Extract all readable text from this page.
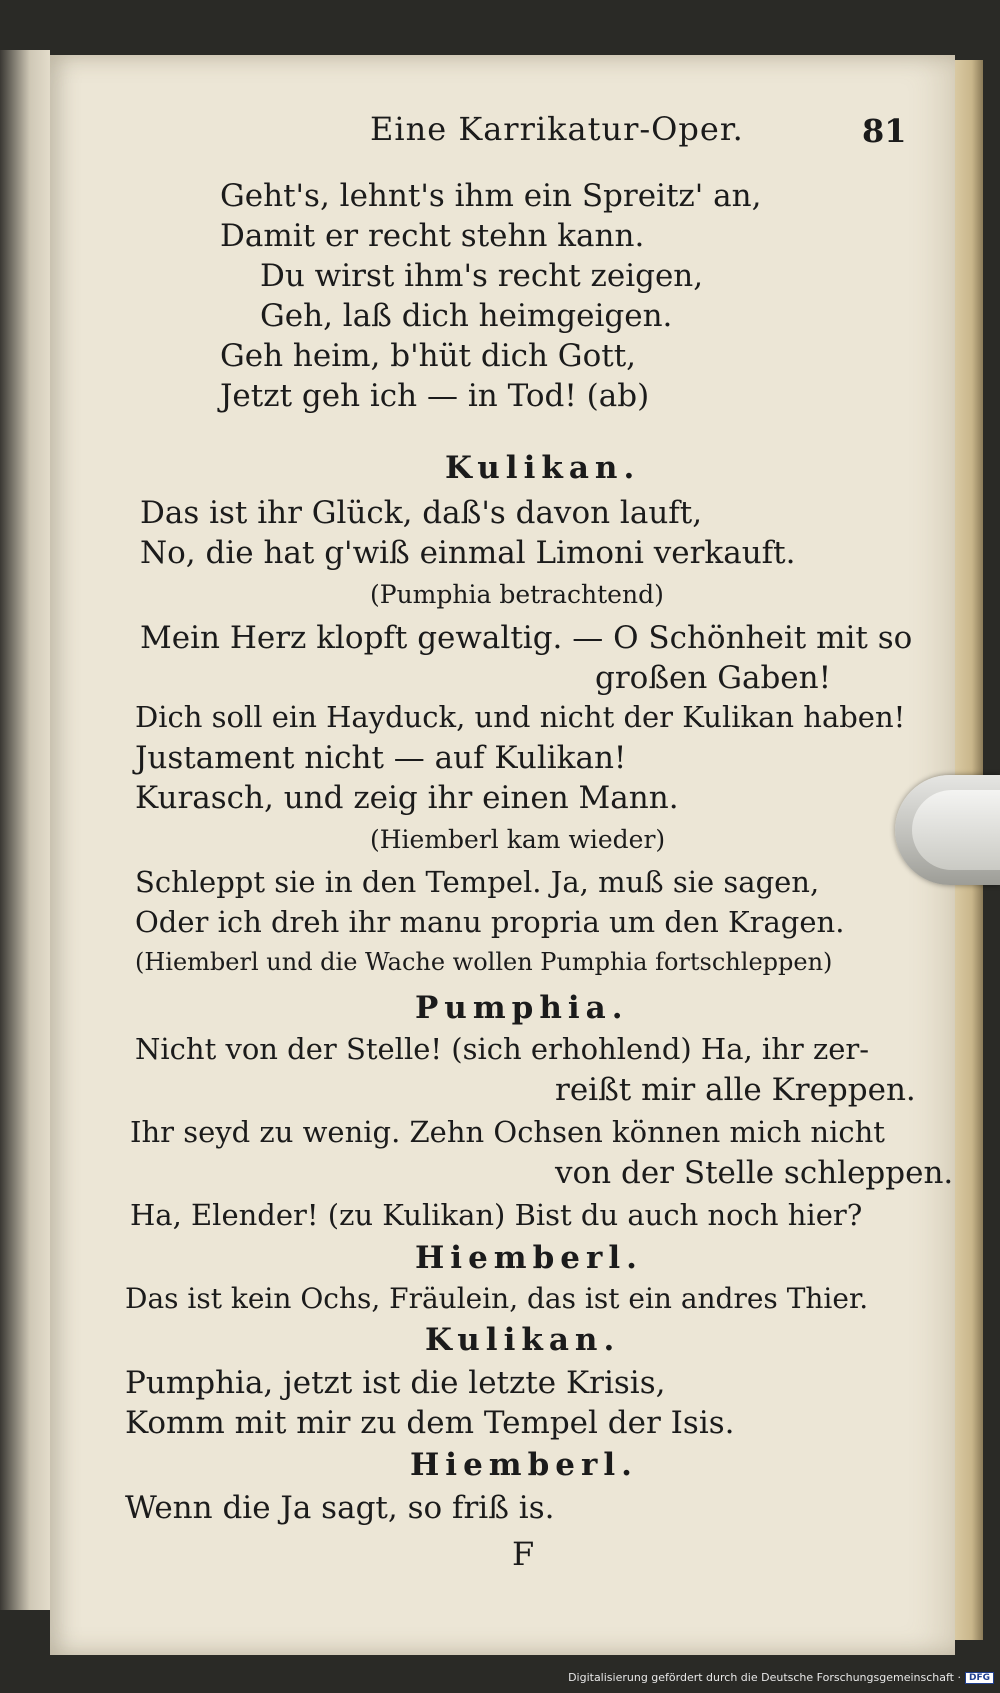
Eine Karrikatur-Oper.	81
Geht's, lehnt's ihm ein Spreitz' an,
Damit er recht stehn kann.
Du wirst ihm's recht zeigen,
Geh, laß dich heimgeigen.
Geh heim, b'hüt dich Gott,
Jetzt geh ich — in Tod! (ab)
Kulikan.
Das ist ihr Glück, daß's davon lauft,
No, die hat g'wiß einmal Limoni verkauft.
(Pumphia betrachtend)
Mein Herz klopft gewaltig. — O Schönheit mit so
großen Gaben!
Dich soll ein Hayduck, und nicht der Kulikan haben!
Justament nicht — auf Kulikan!
Kurasch, und zeig ihr einen Mann.
(Hiemberl kam wieder)
Schleppt sie in den Tempel. Ja, muß sie sagen,
Oder ich dreh ihr manu propria um den Kragen.
(Hiemberl und die Wache wollen Pumphia fortschleppen)
Pumphia.
Nicht von der Stelle! (sich erhohlend) Ha, ihr zer-
reißt mir alle Kreppen.
Ihr seyd zu wenig. Zehn Ochsen können mich nicht
von der Stelle schleppen.
Ha, Elender! (zu Kulikan) Bist du auch noch hier?
Hiemberl.
Das ist kein Ochs, Fräulein, das ist ein andres Thier.
Kulikan.
Pumphia, jetzt ist die letzte Krisis,
Komm mit mir zu dem Tempel der Isis.
Hiemberl.
Wenn die Ja sagt, so friß is.
F
Digitalisierung gefördert durch die Deutsche Forschungsgemeinschaft · DFG
